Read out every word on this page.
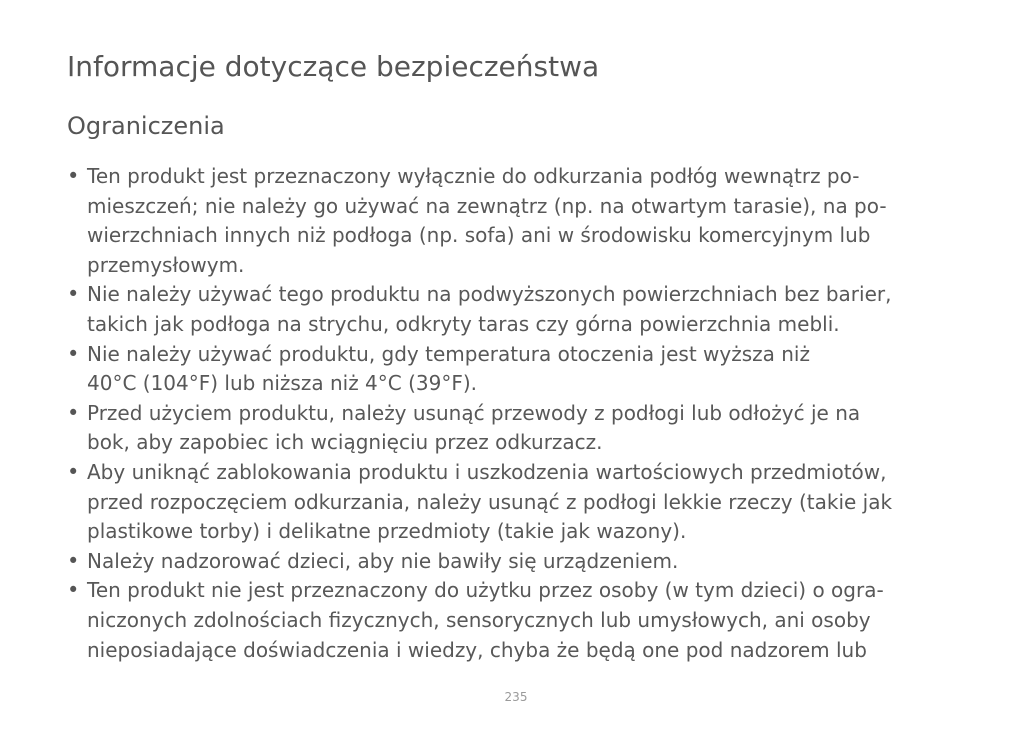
Informacje dotyczące bezpieczeństwa
Ograniczenia
• Ten produkt jest przeznaczony wyłącznie do odkurzania podłóg wewnątrz po-
mieszczeń; nie należy go używać na zewnątrz (np. na otwartym tarasie), na po-
wierzchniach innych niż podłoga (np. sofa) ani w środowisku komercyjnym lub
przemysłowym.
• Nie należy używać tego produktu na podwyższonych powierzchniach bez barier,
takich jak podłoga na strychu, odkryty taras czy górna powierzchnia mebli.
• Nie należy używać produktu, gdy temperatura otoczenia jest wyższa niż
40°C (104°F) lub niższa niż 4°C (39°F).
• Przed użyciem produktu, należy usunąć przewody z podłogi lub odłożyć je na
bok, aby zapobiec ich wciągnięciu przez odkurzacz.
• Aby uniknąć zablokowania produktu i uszkodzenia wartościowych przedmiotów,
przed rozpoczęciem odkurzania, należy usunąć z podłogi lekkie rzeczy (takie jak
plastikowe torby) i delikatne przedmioty (takie jak wazony).
• Należy nadzorować dzieci, aby nie bawiły się urządzeniem.
• Ten produkt nie jest przeznaczony do użytku przez osoby (w tym dzieci) o ogra-
niczonych zdolnościach fizycznych, sensorycznych lub umysłowych, ani osoby
nieposiadające doświadczenia i wiedzy, chyba że będą one pod nadzorem lub
235
